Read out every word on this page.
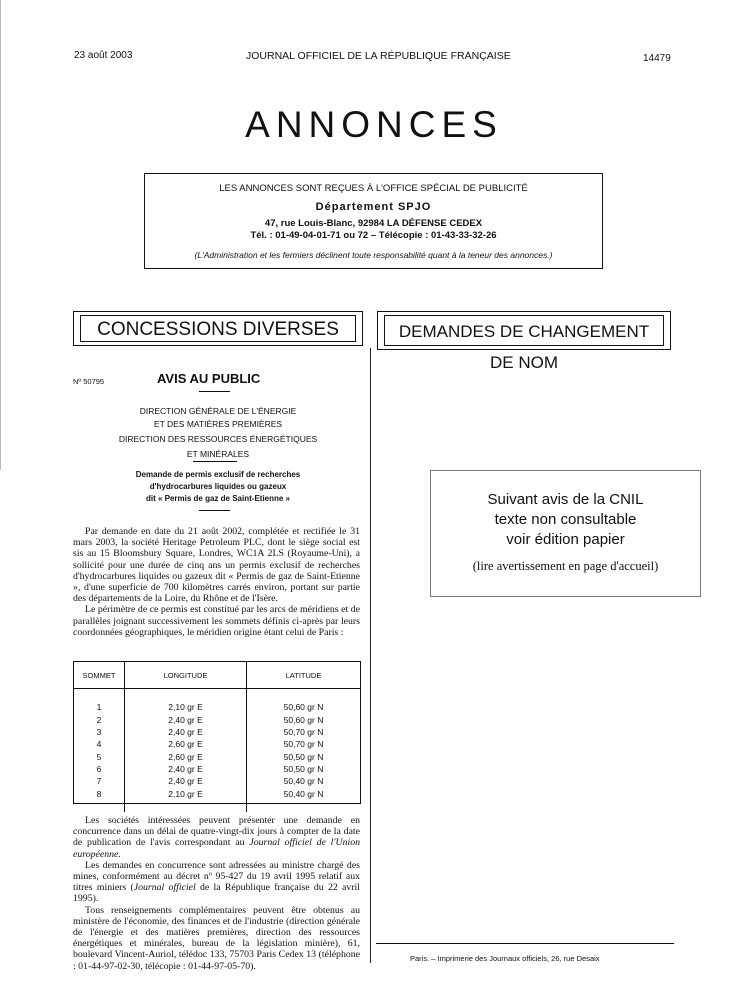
23 août 2003	JOURNAL OFFICIEL DE LA RÉPUBLIQUE FRANÇAISE	14479
ANNONCES
LES ANNONCES SONT REÇUES À L'OFFICE SPÉCIAL DE PUBLICITÉ
Département SPJO
47, rue Louis-Blanc, 92984 LA DÉFENSE CEDEX
Tél. : 01-49-04-01-71 ou 72 – Télécopie : 01-43-33-32-26
(L'Administration et les fermiers déclinent toute responsabilité quant à la teneur des annonces.)
CONCESSIONS DIVERSES	DEMANDES DE CHANGEMENT DE NOM
Nº 50795	AVIS AU PUBLIC
DIRECTION GÉNÉRALE DE L'ÉNERGIE
ET DES MATIÈRES PREMIÈRES
DIRECTION DES RESSOURCES ÉNERGÉTIQUES
ET MINÉRALES
Demande de permis exclusif de recherches
d'hydrocarbures liquides ou gazeux
dit « Permis de gaz de Saint-Etienne »

Par demande en date du 21 août 2002, complétée et rectifiée le 31 mars 2003, la société Heritage Petroleum PLC, dont le siège social est sis au 15 Bloomsbury Square, Londres, WC1A 2LS (Royaume-Uni), a sollicité pour une durée de cinq ans un permis exclusif de recherches d'hydrocarbures liquides ou gazeux dit « Permis de gaz de Saint-Etienne », d'une superficie de 700 kilomètres carrés environ, portant sur partie des départements de la Loire, du Rhône et de l'Isère.

Le périmètre de ce permis est constitué par les arcs de méridiens et de parallèles joignant successivement les sommets définis ci-après par leurs coordonnées géographiques, le méridien origine étant celui de Paris :

SOMMET	LONGITUDE	LATITUDE

1	2,10 gr E	50,60 gr N
2	2,40 gr E	50,60 gr N
3	2,40 gr E	50,70 gr N
4	2,60 gr E	50,70 gr N
5	2,60 gr E	50,50 gr N
6	2,40 gr E	50,50 gr N
7	2,40 gr E	50,40 gr N
8	2,10 gr E	50,40 gr N

Les sociétés intéressées peuvent présenter une demande en concurrence dans un délai de quatre-vingt-dix jours à compter de la date de publication de l'avis correspondant au Journal officiel de l'Union européenne.

Les demandes en concurrence sont adressées au ministre chargé des mines, conformément au décret nº 95-427 du 19 avril 1995 relatif aux titres miniers (Journal officiel de la République française du 22 avril 1995).

Tous renseignements complémentaires peuvent être obtenus au ministère de l'économie, des finances et de l'industrie (direction générale de l'énergie et des matières premières, direction des ressources énergétiques et minérales, bureau de la législation minière), 61, boulevard Vincent-Auriol, télédoc 133, 75703 Paris Cedex 13 (téléphone : 01-44-97-02-30, télécopie : 01-44-97-05-70).

Suivant avis de la CNIL
texte non consultable
voir édition papier
(lire avertissement en page d'accueil)
Paris. – Imprimerie des Journaux officiels, 26, rue Desaix
